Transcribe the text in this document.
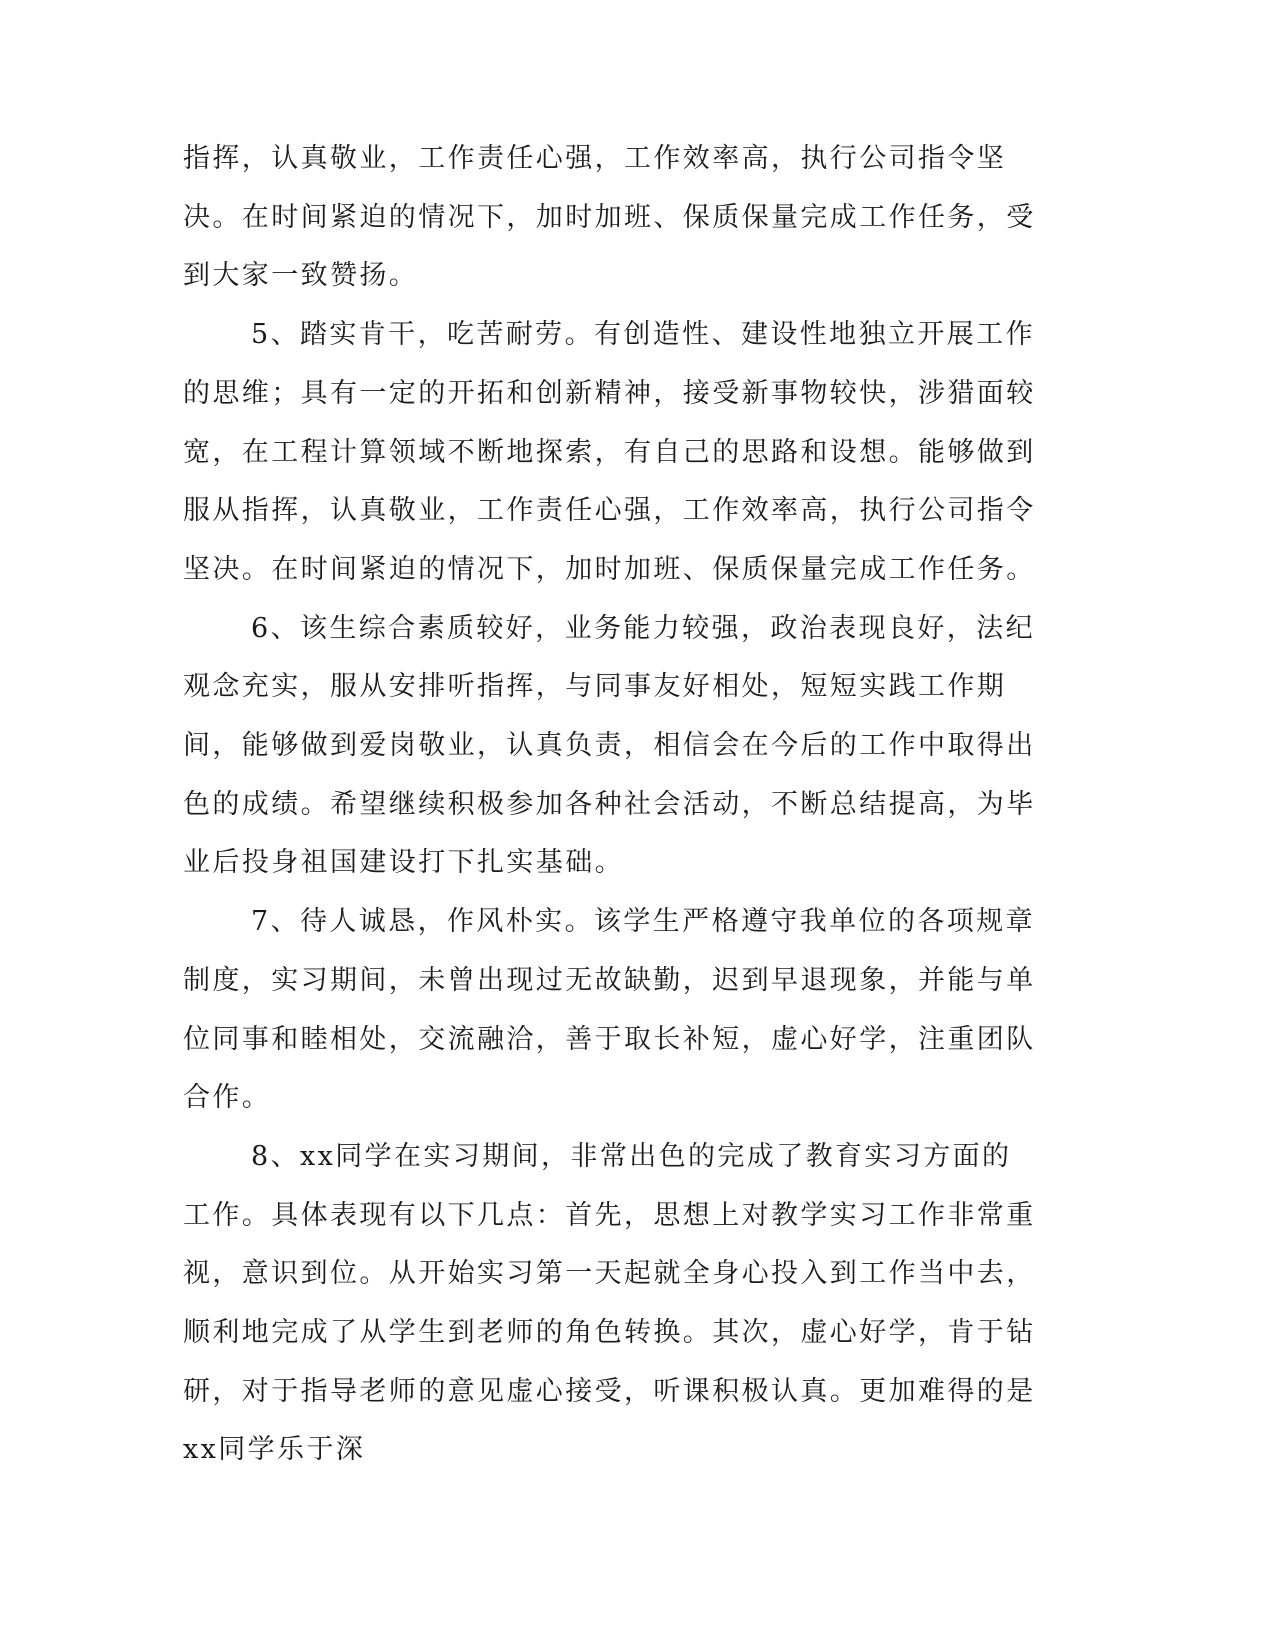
指挥，认真敬业，工作责任心强，工作效率高，执行公司指令坚决。在时间紧迫的情况下，加时加班、保质保量完成工作任务，受到大家一致赞扬。

5、踏实肯干，吃苦耐劳。有创造性、建设性地独立开展工作的思维；具有一定的开拓和创新精神，接受新事物较快，涉猎面较宽，在工程计算领域不断地探索，有自己的思路和设想。能够做到服从指挥，认真敬业，工作责任心强，工作效率高，执行公司指令坚决。在时间紧迫的情况下，加时加班、保质保量完成工作任务。

6、该生综合素质较好，业务能力较强，政治表现良好，法纪观念充实，服从安排听指挥，与同事友好相处，短短实践工作期间，能够做到爱岗敬业，认真负责，相信会在今后的工作中取得出色的成绩。希望继续积极参加各种社会活动，不断总结提高，为毕业后投身祖国建设打下扎实基础。

7、待人诚恳，作风朴实。该学生严格遵守我单位的各项规章制度，实习期间，未曾出现过无故缺勤，迟到早退现象，并能与单位同事和睦相处，交流融洽，善于取长补短，虚心好学，注重团队合作。

8、xx同学在实习期间，非常出色的完成了教育实习方面的工作。具体表现有以下几点：首先，思想上对教学实习工作非常重视，意识到位。从开始实习第一天起就全身心投入到工作当中去，顺利地完成了从学生到老师的角色转换。其次，虚心好学，肯于钻研，对于指导老师的意见虚心接受，听课积极认真。更加难得的是xx同学乐于深
